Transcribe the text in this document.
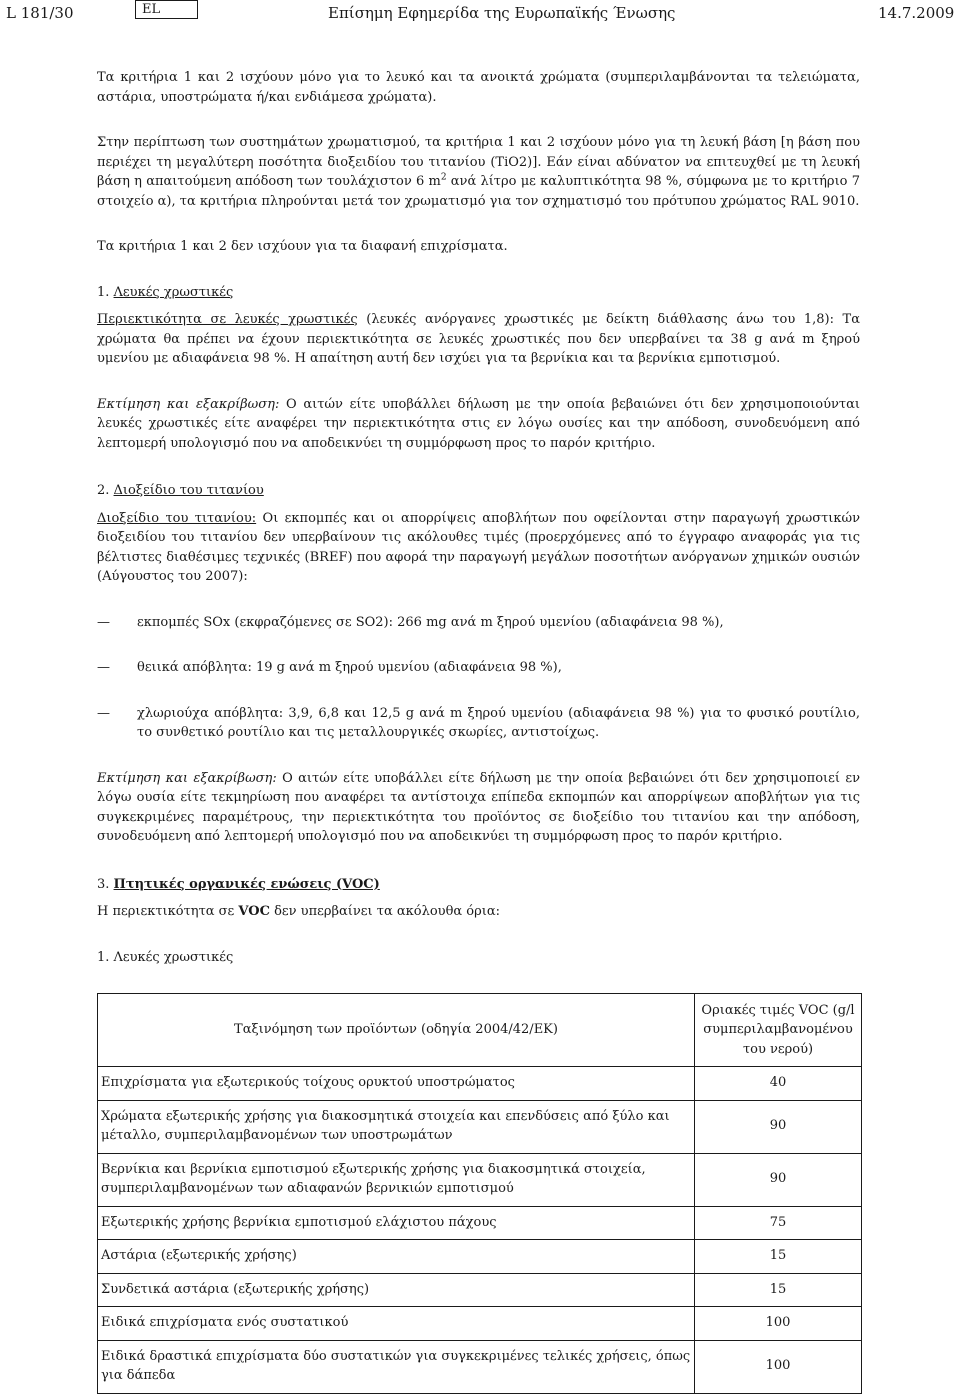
L 181/30	EL	Επίσημη Εφημερίδα της Ευρωπαϊκής Ένωσης	14.7.2009

Τα κριτήρια 1 και 2 ισχύουν μόνο για το λευκό και τα ανοικτά χρώματα (συμπεριλαμβάνονται τα τελειώματα, αστάρια, υποστρώματα ή/και ενδιάμεσα χρώματα).

Στην περίπτωση των συστημάτων χρωματισμού, τα κριτήρια 1 και 2 ισχύουν μόνο για τη λευκή βάση [η βάση που περιέχει τη μεγαλύτερη ποσότητα διοξειδίου του τιτανίου (TiO2)]. Εάν είναι αδύνατον να επιτευχθεί με τη λευκή βάση η απαιτούμενη απόδοση των τουλάχιστον 6 $m^2$ ανά λίτρο με καλυπτικότητα 98 %, σύμφωνα με το κριτήριο 7 στοιχείο α), τα κριτήρια πληρούνται μετά τον χρωματισμό για τον σχηματισμό του πρότυπου χρώματος RAL 9010.

Τα κριτήρια 1 και 2 δεν ισχύουν για τα διαφανή επιχρίσματα.

1. Λευκές χρωστικές

Περιεκτικότητα σε λευκές χρωστικές (λευκές ανόργανες χρωστικές με δείκτη διάθλασης άνω του 1,8): Τα χρώματα θα πρέπει να έχουν περιεκτικότητα σε λευκές χρωστικές που δεν υπερβαίνει τα 38 g ανά m ξηρού υμενίου με αδιαφάνεια 98 %. Η απαίτηση αυτή δεν ισχύει για τα βερνίκια και τα βερνίκια εμποτισμού.

Εκτίμηση και εξακρίβωση: Ο αιτών είτε υποβάλλει δήλωση με την οποία βεβαιώνει ότι δεν χρησιμοποιούνται λευκές χρωστικές είτε αναφέρει την περιεκτικότητα στις εν λόγω ουσίες και την απόδοση, συνοδευόμενη από λεπτομερή υπολογισμό που να αποδεικνύει τη συμμόρφωση προς το παρόν κριτήριο.

2. Διοξείδιο του τιτανίου

Διοξείδιο του τιτανίου: Οι εκπομπές και οι απορρίψεις αποβλήτων που οφείλονται στην παραγωγή χρωστικών διοξειδίου του τιτανίου δεν υπερβαίνουν τις ακόλουθες τιμές (προερχόμενες από το έγγραφο αναφοράς για τις βέλτιστες διαθέσιμες τεχνικές (BREF) που αφορά την παραγωγή μεγάλων ποσοτήτων ανόργανων χημικών ουσιών (Αύγουστος του 2007):

—	εκπομπές SOx (εκφραζόμενες σε SO2): 266 mg ανά m ξηρού υμενίου (αδιαφάνεια 98 %),
—	θειικά απόβλητα: 19 g ανά m ξηρού υμενίου (αδιαφάνεια 98 %),
—	χλωριούχα απόβλητα: 3,9, 6,8 και 12,5 g ανά m ξηρού υμενίου (αδιαφάνεια 98 %) για το φυσικό ρουτίλιο, το συνθετικό ρουτίλιο και τις μεταλλουργικές σκωρίες, αντιστοίχως.

Εκτίμηση και εξακρίβωση: Ο αιτών είτε υποβάλλει είτε δήλωση με την οποία βεβαιώνει ότι δεν χρησιμοποιεί εν λόγω ουσία είτε τεκμηρίωση που αναφέρει τα αντίστοιχα επίπεδα εκπομπών και απορρίψεων αποβλήτων για τις συγκεκριμένες παραμέτρους, την περιεκτικότητα του προϊόντος σε διοξείδιο του τιτανίου και την απόδοση, συνοδευόμενη από λεπτομερή υπολογισμό που να αποδεικνύει τη συμμόρφωση προς το παρόν κριτήριο.

3. Πτητικές οργανικές ενώσεις (VOC)

Η περιεκτικότητα σε VOC δεν υπερβαίνει τα ακόλουθα όρια:

1. Λευκές χρωστικές

Ταξινόμηση των προϊόντων (οδηγία 2004/42/ΕΚ)	Οριακές τιμές VOC (g/l συμπεριλαμβανομένου του νερού)
Επιχρίσματα για εξωτερικούς τοίχους ορυκτού υποστρώματος	40
Χρώματα εξωτερικής χρήσης για διακοσμητικά στοιχεία και επενδύσεις από ξύλο και μέταλλο, συμπεριλαμβανομένων των υποστρωμάτων	90
Βερνίκια και βερνίκια εμποτισμού εξωτερικής χρήσης για διακοσμητικά στοιχεία, συμπεριλαμβανομένων των αδιαφανών βερνικιών εμποτισμού	90
Εξωτερικής χρήσης βερνίκια εμποτισμού ελάχιστου πάχους	75
Αστάρια (εξωτερικής χρήσης)	15
Συνδετικά αστάρια (εξωτερικής χρήσης)	15
Ειδικά επιχρίσματα ενός συστατικού	100
Ειδικά δραστικά επιχρίσματα δύο συστατικών για συγκεκριμένες τελικές χρήσεις, όπως για δάπεδα	100
